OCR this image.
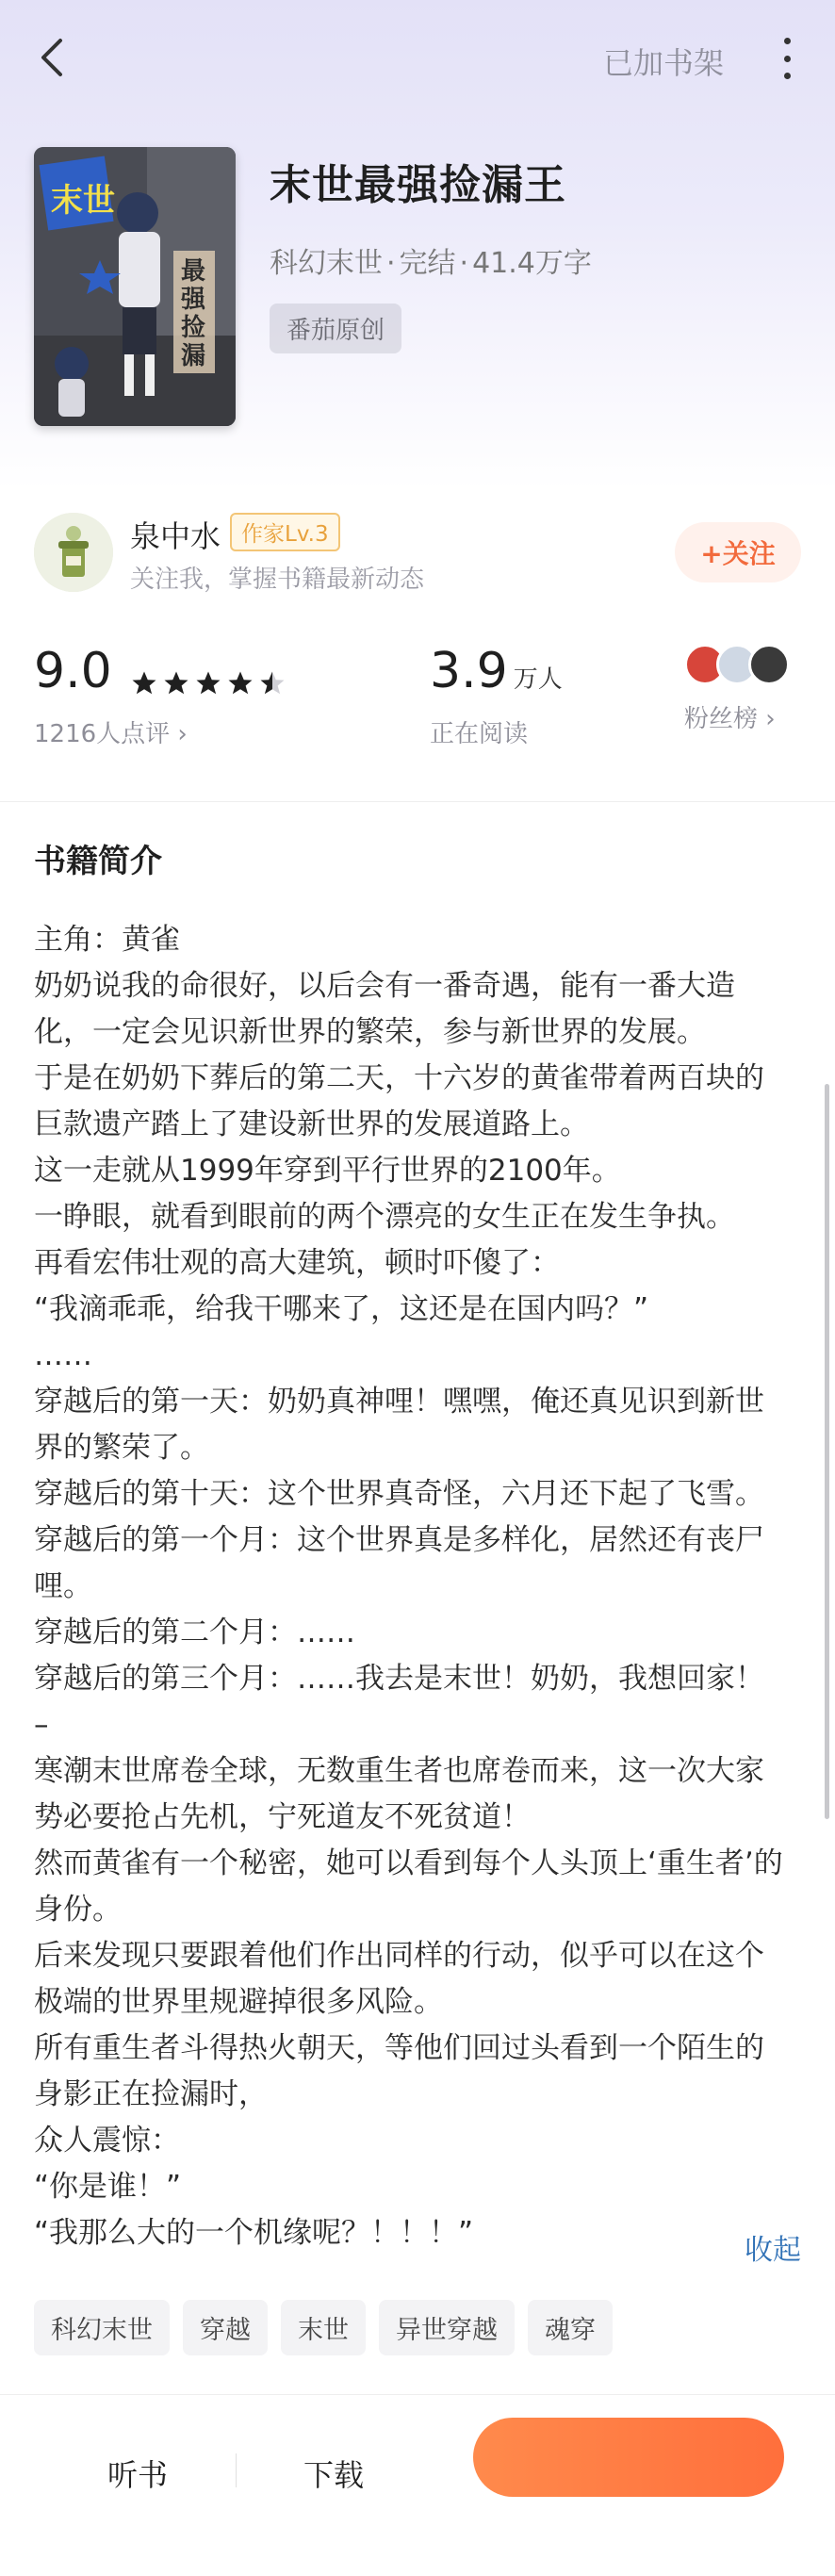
已加书架
末世
最 强 捡 漏
末世最强捡漏王
科幻末世 · 完结 · 41.4万字
番茄原创
泉中水 作家Lv.3
关注我，掌握书籍最新动态
+关注
9.0
1216人点评 ›
3.9 万人
正在阅读
粉丝榜 ›
书籍简介
主角：黄雀
奶奶说我的命很好，以后会有一番奇遇，能有一番大造
化，一定会见识新世界的繁荣，参与新世界的发展。
于是在奶奶下葬后的第二天，十六岁的黄雀带着两百块的
巨款遗产踏上了建设新世界的发展道路上。
这一走就从1999年穿到平行世界的2100年。
一睁眼，就看到眼前的两个漂亮的女生正在发生争执。
再看宏伟壮观的高大建筑，顿时吓傻了：
“我滴乖乖，给我干哪来了，这还是在国内吗？”
……
穿越后的第一天：奶奶真神哩！嘿嘿，俺还真见识到新世
界的繁荣了。
穿越后的第十天：这个世界真奇怪，六月还下起了飞雪。
穿越后的第一个月：这个世界真是多样化，居然还有丧尸
哩。
穿越后的第二个月：……
穿越后的第三个月：……我去是末世！奶奶，我想回家！
–
寒潮末世席卷全球，无数重生者也席卷而来，这一次大家
势必要抢占先机，宁死道友不死贫道！
然而黄雀有一个秘密，她可以看到每个人头顶上‘重生者’的
身份。
后来发现只要跟着他们作出同样的行动，似乎可以在这个
极端的世界里规避掉很多风险。
所有重生者斗得热火朝天，等他们回过头看到一个陌生的
身影正在捡漏时，
众人震惊：
“你是谁！”
“我那么大的一个机缘呢？！！！”
收起
科幻末世	穿越	末世	异世穿越	魂穿
听书	下载
